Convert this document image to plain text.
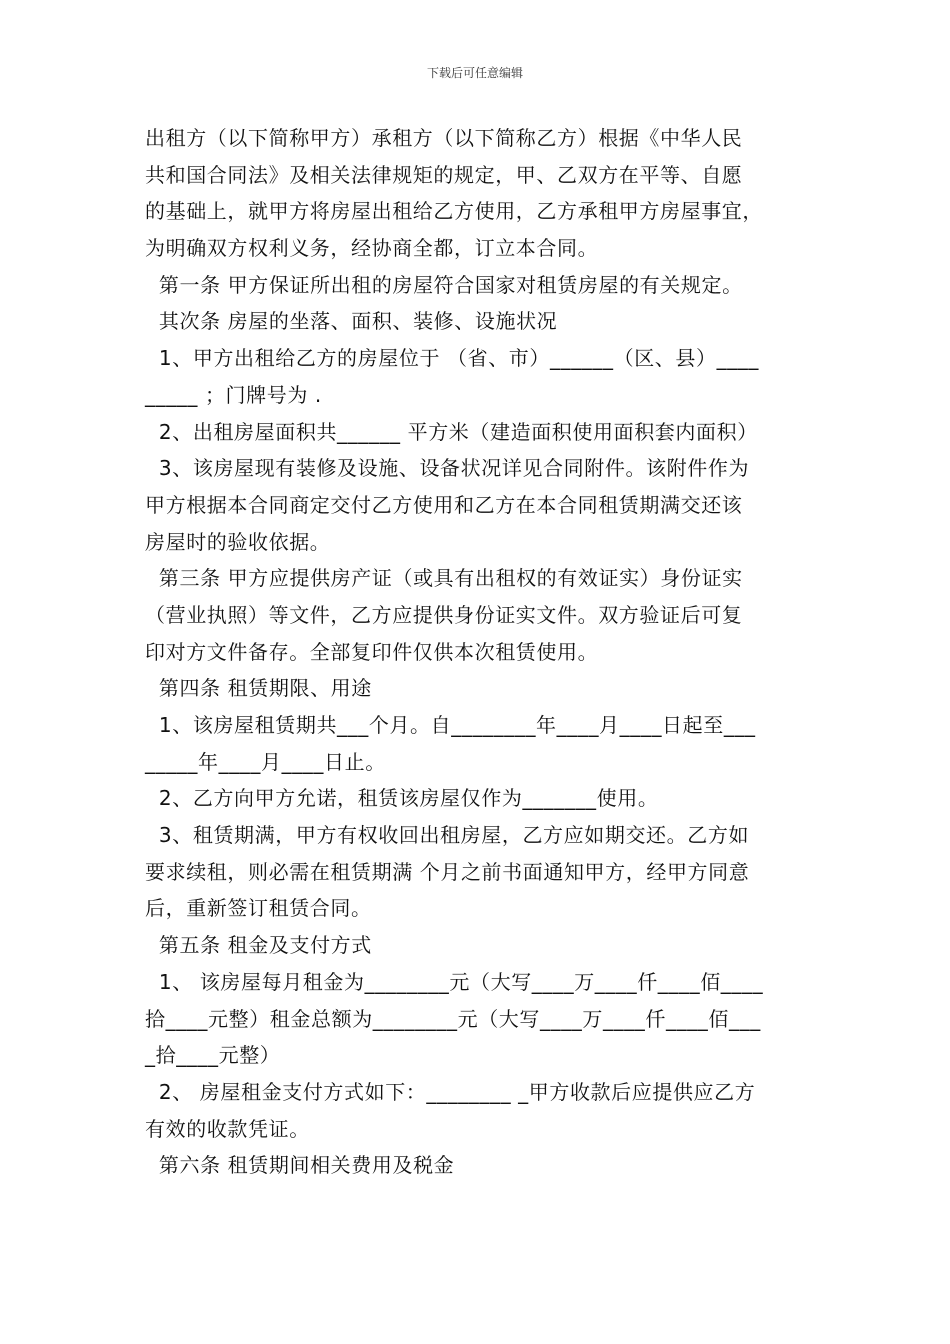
下载后可任意编辑
出租方（以下简称甲方）承租方（以下简称乙方）根据《中华人民
共和国合同法》及相关法律规矩的规定，甲、乙双方在平等、自愿
的基础上，就甲方将房屋出租给乙方使用，乙方承租甲方房屋事宜，
为明确双方权利义务，经协商全都，订立本合同。
第一条 甲方保证所出租的房屋符合国家对租赁房屋的有关规定。
其次条 房屋的坐落、面积、装修、设施状况
1、甲方出租给乙方的房屋位于 （省、市）______（区、县）____
_____ ；门牌号为 .
2、出租房屋面积共______ 平方米（建造面积使用面积套内面积）
3、该房屋现有装修及设施、设备状况详见合同附件。该附件作为
甲方根据本合同商定交付乙方使用和乙方在本合同租赁期满交还该
房屋时的验收依据。
第三条 甲方应提供房产证（或具有出租权的有效证实）身份证实
（营业执照）等文件，乙方应提供身份证实文件。双方验证后可复
印对方文件备存。全部复印件仅供本次租赁使用。
第四条 租赁期限、用途
1、该房屋租赁期共___个月。自________年____月____日起至___
_____年____月____日止。
2、乙方向甲方允诺，租赁该房屋仅作为_______使用。
3、租赁期满，甲方有权收回出租房屋，乙方应如期交还。乙方如
要求续租，则必需在租赁期满 个月之前书面通知甲方，经甲方同意
后，重新签订租赁合同。
第五条 租金及支付方式
1、 该房屋每月租金为________元（大写____万____仟____佰____
拾____元整）租金总额为________元（大写____万____仟____佰___
_拾____元整）
2、 房屋租金支付方式如下：________ _甲方收款后应提供应乙方
有效的收款凭证。
第六条 租赁期间相关费用及税金
